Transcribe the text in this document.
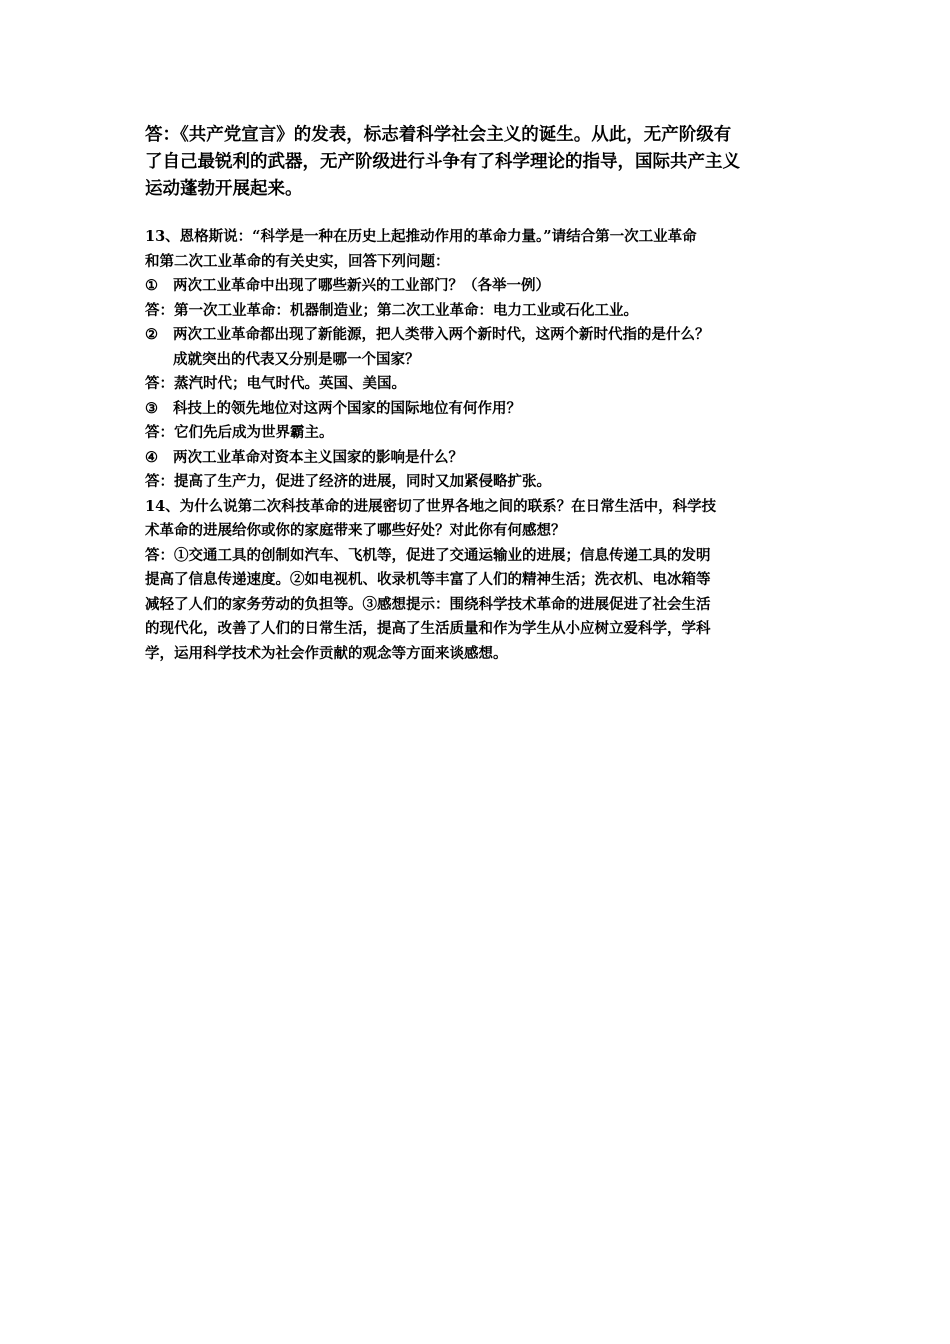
答：《共产党宣言》的发表，标志着科学社会主义的诞生。从此，无产阶级有

了自己最锐利的武器，无产阶级进行斗争有了科学理论的指导，国际共产主义

运动蓬勃开展起来。

13、恩格斯说：“科学是一种在历史上起推动作用的革命力量。”请结合第一次工业革命

和第二次工业革命的有关史实，回答下列问题：

①	两次工业革命中出现了哪些新兴的工业部门？（各举一例）

答：第一次工业革命：机器制造业；第二次工业革命：电力工业或石化工业。

②	两次工业革命都出现了新能源，把人类带入两个新时代，这两个新时代指的是什么？
成就突出的代表又分别是哪一个国家？

答：蒸汽时代；电气时代。英国、美国。

③	科技上的领先地位对这两个国家的国际地位有何作用？

答：它们先后成为世界霸主。

④	两次工业革命对资本主义国家的影响是什么？

答：提高了生产力，促进了经济的进展，同时又加紧侵略扩张。

14、为什么说第二次科技革命的进展密切了世界各地之间的联系？在日常生活中，科学技

术革命的进展给你或你的家庭带来了哪些好处？对此你有何感想？

答：①交通工具的创制如汽车、飞机等，促进了交通运输业的进展；信息传递工具的发明

提高了信息传递速度。②如电视机、收录机等丰富了人们的精神生活；洗衣机、电冰箱等

减轻了人们的家务劳动的负担等。③感想提示：围绕科学技术革命的进展促进了社会生活

的现代化，改善了人们的日常生活，提高了生活质量和作为学生从小应树立爱科学，学科

学，运用科学技术为社会作贡献的观念等方面来谈感想。
